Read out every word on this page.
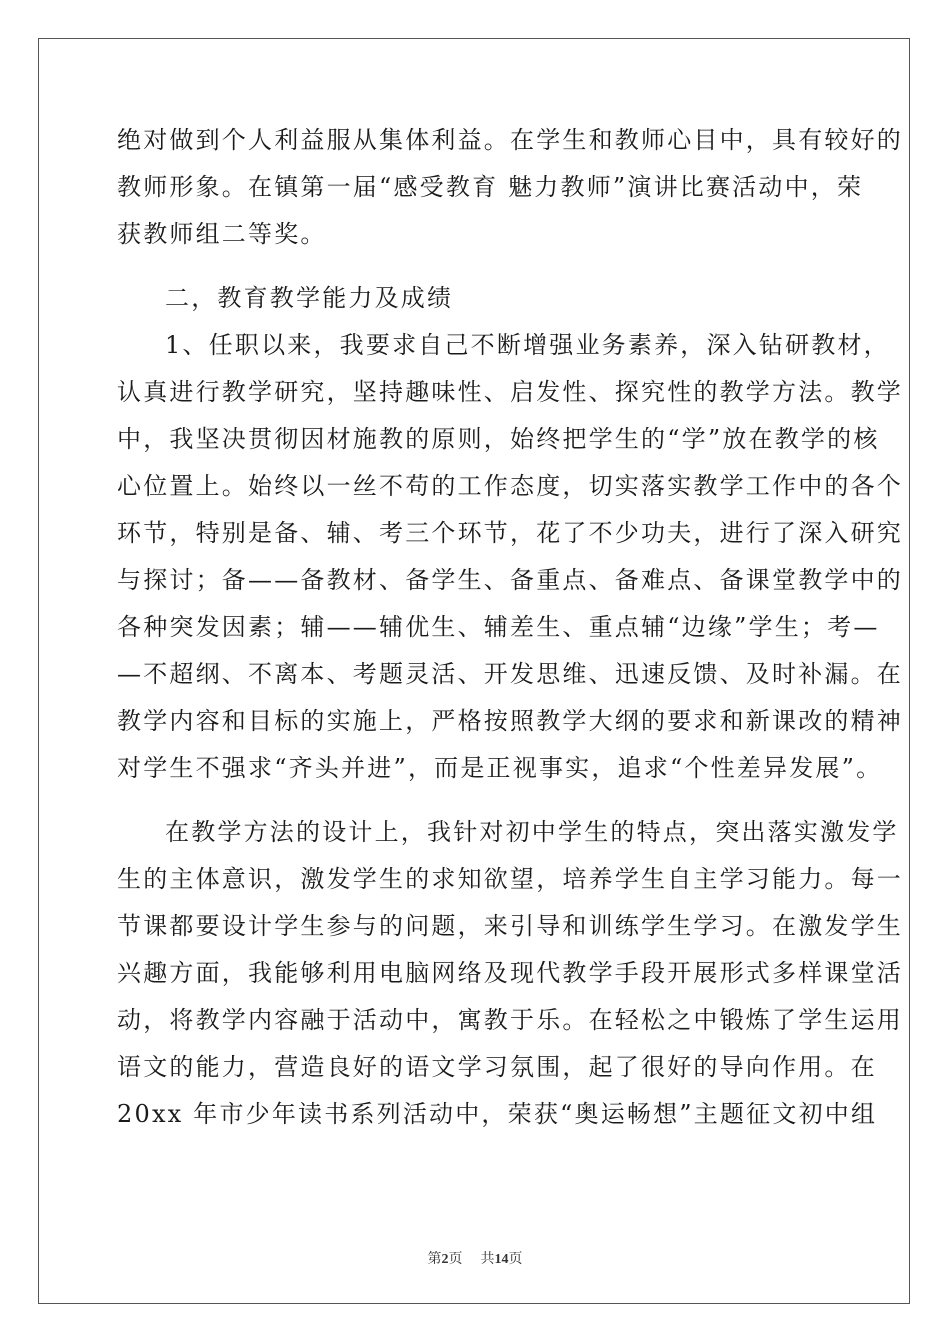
绝对做到个人利益服从集体利益。在学生和教师心目中，具有较好的
教师形象。在镇第一届“感受教育 魅力教师”演讲比赛活动中，荣
获教师组二等奖。
二，教育教学能力及成绩
1、任职以来，我要求自己不断增强业务素养，深入钻研教材，
认真进行教学研究，坚持趣味性、启发性、探究性的教学方法。教学
中，我坚决贯彻因材施教的原则，始终把学生的“学”放在教学的核
心位置上。始终以一丝不苟的工作态度，切实落实教学工作中的各个
环节，特别是备、辅、考三个环节，花了不少功夫，进行了深入研究
与探讨；备——备教材、备学生、备重点、备难点、备课堂教学中的
各种突发因素；辅——辅优生、辅差生、重点辅“边缘”学生；考—
—不超纲、不离本、考题灵活、开发思维、迅速反馈、及时补漏。在
教学内容和目标的实施上，严格按照教学大纲的要求和新课改的精神
对学生不强求“齐头并进”，而是正视事实，追求“个性差异发展”。
在教学方法的设计上，我针对初中学生的特点，突出落实激发学
生的主体意识，激发学生的求知欲望，培养学生自主学习能力。每一
节课都要设计学生参与的问题，来引导和训练学生学习。在激发学生
兴趣方面，我能够利用电脑网络及现代教学手段开展形式多样课堂活
动，将教学内容融于活动中，寓教于乐。在轻松之中锻炼了学生运用
语文的能力，营造良好的语文学习氛围，起了很好的导向作用。在
20xx 年市少年读书系列活动中，荣获“奥运畅想”主题征文初中组
第2页 共14页
